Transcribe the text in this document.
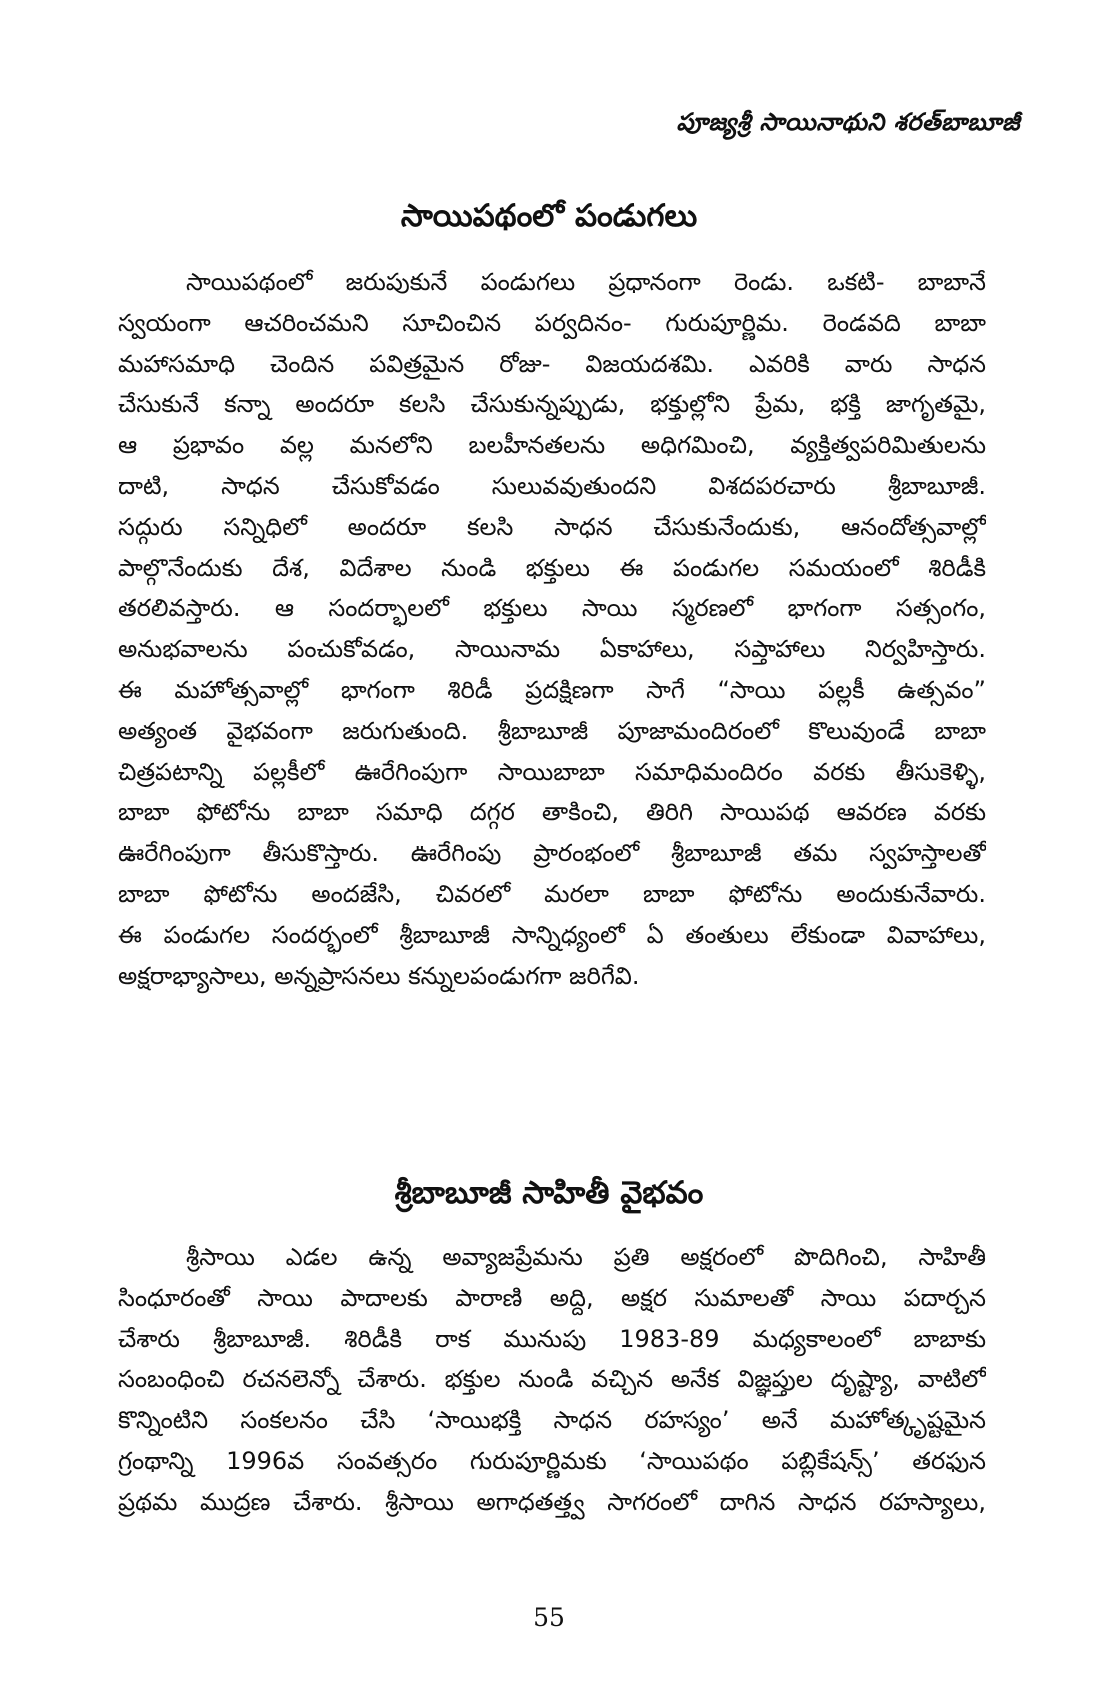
పూజ్యశ్రీ సాయినాథుని శరత్‌బాబూజీ
సాయిపథంలో పండుగలు
సాయిపథంలో జరుపుకునే పండుగలు ప్రధానంగా రెండు. ఒకటి- బాబానే
స్వయంగా ఆచరించమని సూచించిన పర్వదినం- గురుపూర్ణిమ. రెండవది బాబా
మహాసమాధి చెందిన పవిత్రమైన రోజు- విజయదశమి. ఎవరికి వారు సాధన
చేసుకునే కన్నా అందరూ కలసి చేసుకున్నప్పుడు, భక్తుల్లోని ప్రేమ, భక్తి జాగృతమై,
ఆ ప్రభావం వల్ల మనలోని బలహీనతలను అధిగమించి, వ్యక్తిత్వపరిమితులను
దాటి, సాధన చేసుకోవడం సులువవుతుందని విశదపరచారు శ్రీబాబూజీ.
సద్గురు సన్నిధిలో అందరూ కలసి సాధన చేసుకునేందుకు, ఆనందోత్సవాల్లో
పాల్గొనేందుకు దేశ, విదేశాల నుండి భక్తులు ఈ పండుగల సమయంలో శిరిడీకి
తరలివస్తారు. ఆ సందర్భాలలో భక్తులు సాయి స్మరణలో భాగంగా సత్సంగం,
అనుభవాలను పంచుకోవడం, సాయినామ ఏకాహాలు, సప్తాహాలు నిర్వహిస్తారు.
ఈ మహోత్సవాల్లో భాగంగా శిరిడీ ప్రదక్షిణగా సాగే “సాయి పల్లకీ ఉత్సవం”
అత్యంత వైభవంగా జరుగుతుంది. శ్రీబాబూజీ పూజామందిరంలో కొలువుండే బాబా
చిత్రపటాన్ని పల్లకీలో ఊరేగింపుగా సాయిబాబా సమాధిమందిరం వరకు తీసుకెళ్ళి,
బాబా ఫోటోను బాబా సమాధి దగ్గర తాకించి, తిరిగి సాయిపథ ఆవరణ వరకు
ఊరేగింపుగా తీసుకొస్తారు. ఊరేగింపు ప్రారంభంలో శ్రీబాబూజీ తమ స్వహస్తాలతో
బాబా ఫోటోను అందజేసి, చివరలో మరలా బాబా ఫోటోను అందుకునేవారు.
ఈ పండుగల సందర్భంలో శ్రీబాబూజీ సాన్నిధ్యంలో ఏ తంతులు లేకుండా వివాహాలు,
అక్షరాభ్యాసాలు, అన్నప్రాసనలు కన్నులపండుగగా జరిగేవి.
శ్రీబాబూజీ సాహితీ వైభవం
శ్రీసాయి ఎడల ఉన్న అవ్యాజప్రేమను ప్రతి అక్షరంలో పొదిగించి, సాహితీ
సింధూరంతో సాయి పాదాలకు పారాణి అద్ది, అక్షర సుమాలతో సాయి పదార్చన
చేశారు శ్రీబాబూజీ. శిరిడీకి రాక మునుపు 1983-89 మధ్యకాలంలో బాబాకు
సంబంధించి రచనలెన్నో చేశారు. భక్తుల నుండి వచ్చిన అనేక విజ్ఞప్తుల దృష్ట్యా, వాటిలో
కొన్నింటిని సంకలనం చేసి ‘సాయిభక్తి సాధన రహస్యం’ అనే మహోత్కృష్టమైన
గ్రంథాన్ని 1996వ సంవత్సరం గురుపూర్ణిమకు ‘సాయిపథం పబ్లికేషన్స్’ తరఫున
ప్రథమ ముద్రణ చేశారు. శ్రీసాయి అగాధతత్త్వ సాగరంలో దాగిన సాధన రహస్యాలు,
55
